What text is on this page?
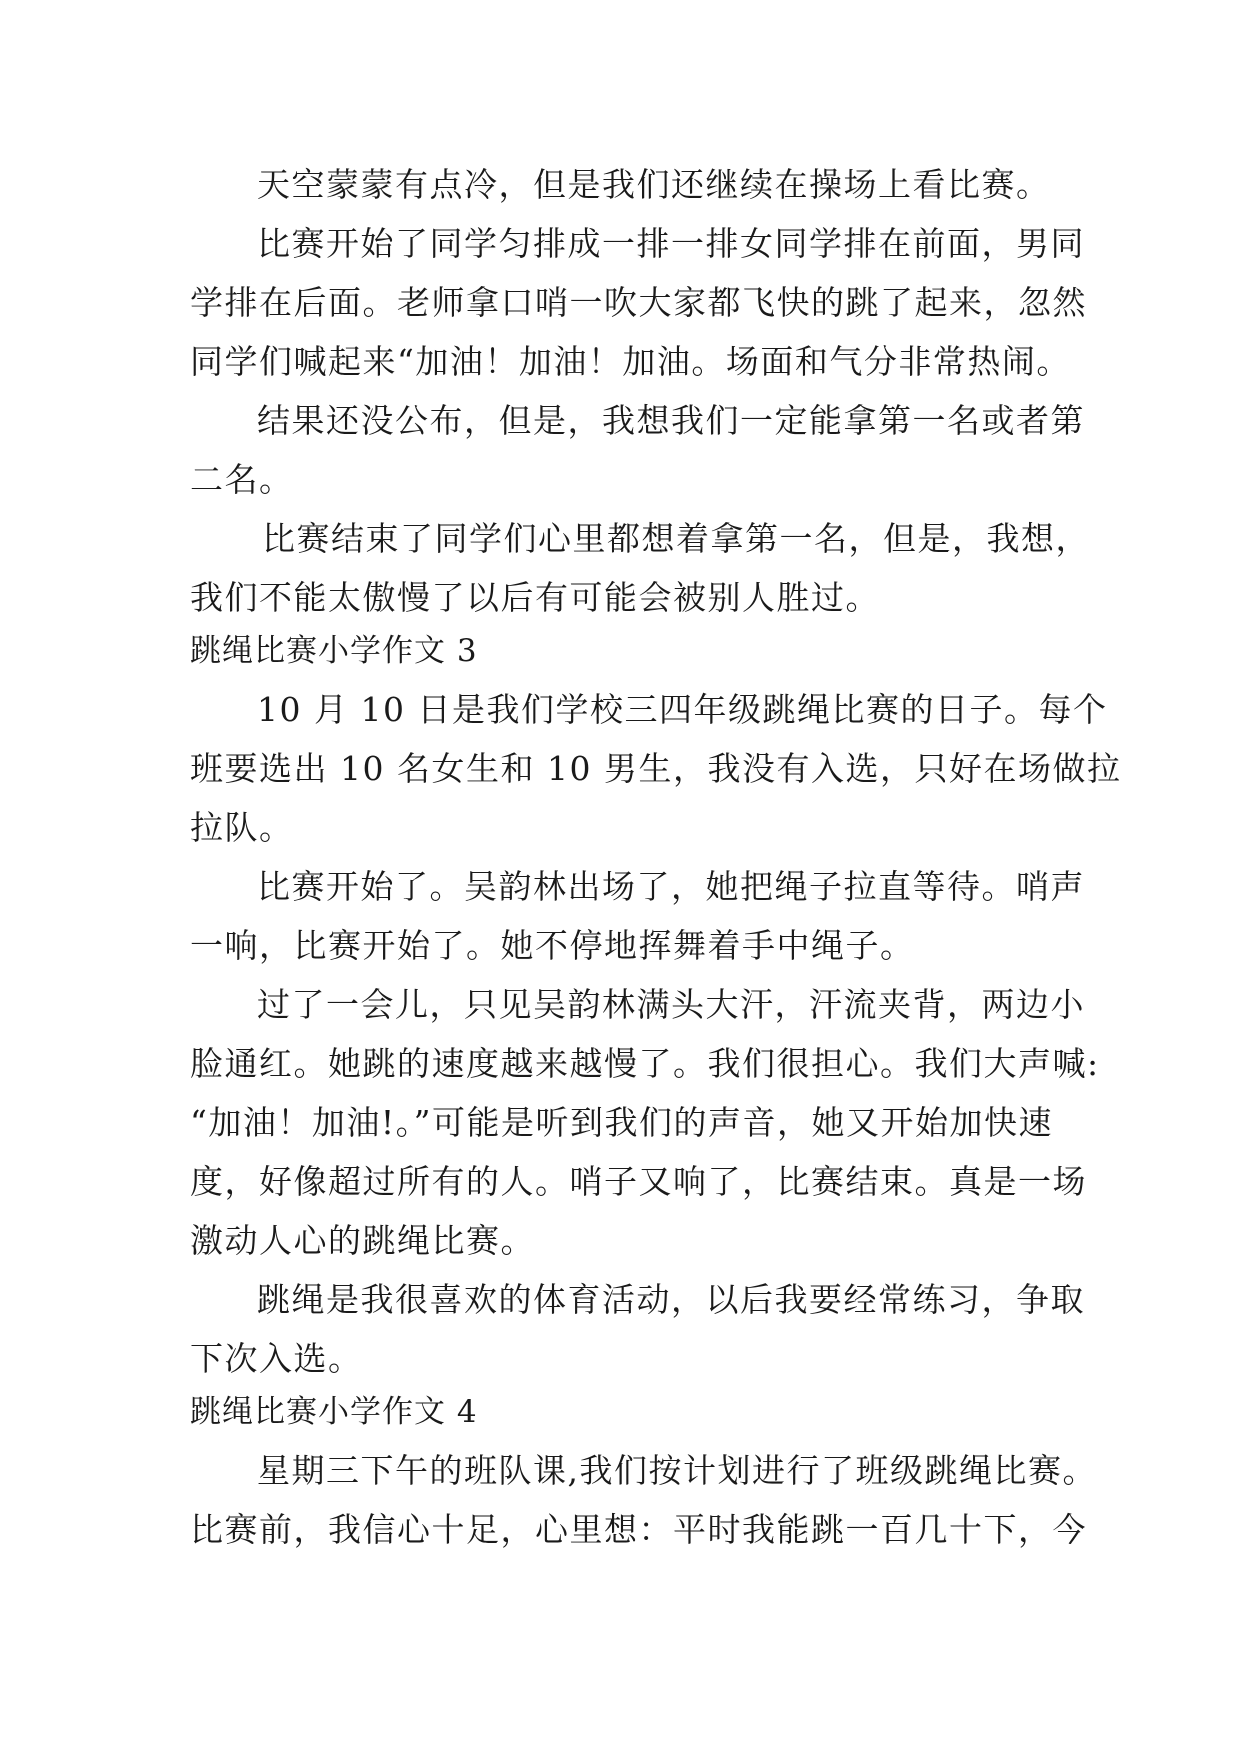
天空蒙蒙有点冷，但是我们还继续在操场上看比赛。
比赛开始了同学匀排成一排一排女同学排在前面，男同
学排在后面。老师拿口哨一吹大家都飞快的跳了起来，忽然
同学们喊起来“加油！加油！加油。场面和气分非常热闹。
结果还没公布，但是，我想我们一定能拿第一名或者第
二名。
比赛结束了同学们心里都想着拿第一名，但是，我想，
我们不能太傲慢了以后有可能会被别人胜过。
跳绳比赛小学作文 3
10 月 10 日是我们学校三四年级跳绳比赛的日子。每个
班要选出 10 名女生和 10 男生，我没有入选，只好在场做拉
拉队。
比赛开始了。吴韵林出场了，她把绳子拉直等待。哨声
一响，比赛开始了。她不停地挥舞着手中绳子。
过了一会儿，只见吴韵林满头大汗，汗流夹背，两边小
脸通红。她跳的速度越来越慢了。我们很担心。我们大声喊:
“加油！加油!。”可能是听到我们的声音，她又开始加快速
度，好像超过所有的人。哨子又响了，比赛结束。真是一场
激动人心的跳绳比赛。
跳绳是我很喜欢的体育活动，以后我要经常练习，争取
下次入选。
跳绳比赛小学作文 4
星期三下午的班队课,我们按计划进行了班级跳绳比赛。
比赛前，我信心十足，心里想：平时我能跳一百几十下，今
